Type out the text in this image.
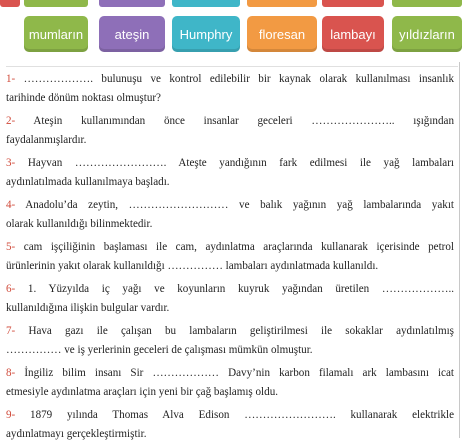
mumların ateşin Humphry floresan lambayı yıldızların
1- ………………. bulunuşu ve kontrol edilebilir bir kaynak olarak kullanılması insanlık
tarihinde dönüm noktası olmuştur?
2- Ateşin kullanımından önce insanlar geceleri ………………….. ışığından
faydalanmışlardır.
3- Hayvan ……………………. Ateşte yandığının fark edilmesi ile yağ lambaları
aydınlatılmada kullanılmaya başladı.
4- Anadolu’da zeytin, ……………………… ve balık yağının yağ lambalarında yakıt
olarak kullanıldığı bilinmektedir.
5- cam işçiliğinin başlaması ile cam, aydınlatma araçlarında kullanarak içerisinde petrol
ürünlerinin yakıt olarak kullanıldığı …………… lambaları aydınlatmada kullanıldı.
6- 1. Yüzyılda iç yağı ve koyunların kuyruk yağından üretilen ………………..
kullanıldığına ilişkin bulgular vardır.
7- Hava gazı ile çalışan bu lambaların geliştirilmesi ile sokaklar aydınlatılmış
…………… ve iş yerlerinin geceleri de çalışması mümkün olmuştur.
8- İngiliz bilim insanı Sir ……………… Davy’nin karbon filamalı ark lambasını icat
etmesiyle aydınlatma araçları için yeni bir çağ başlamış oldu.
9- 1879 yılında Thomas Alva Edison ……………………. kullanarak elektrikle
aydınlatmayı gerçekleştirmiştir.
